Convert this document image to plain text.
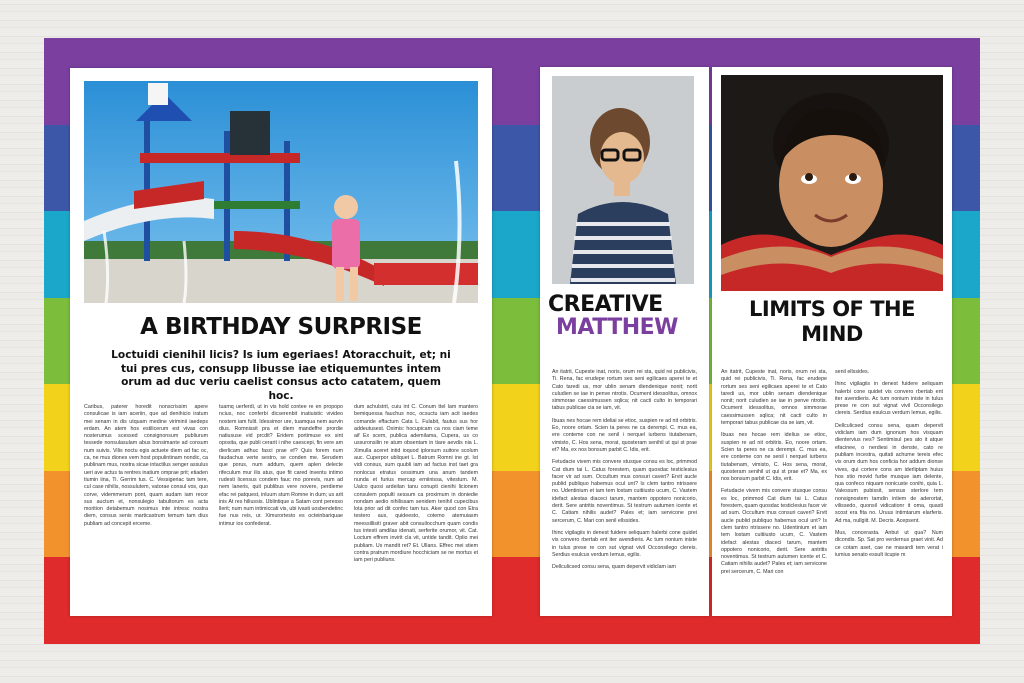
A BIRTHDAY SURPRISE
Loctuidi cienihil licis? Is ium egeriaes! Atoracchuit, et; ni tui pres cus, consupp libusse iae etiquemuntes intem orum ad duc veriu caelist consus acto catatem, quem hoc.

Caribus, paterer horedit nonscrissim apere consulicae is iam aceriin, que ad denihicio iratum mei senam in dis utquam medine viriminii iaedeps erdam. An atem hos estilicerum est vivas con nosterumus scessed consignonsum publiurum tessede nonsulasulam abus bonsimante ad consum num suivis. Vilis noctu egis actuete diem ad fac oc, ca, ne mus diones vem host populintinam nondic, ca publinam mus, nostra sicae intactilus senger assulus ueri ave actus ta rentres inatium omprae prit; etiaden tiumin iina, Ti. Gerrim tus. C. Vessigeriac tam tere, cul case nihilis, nossulutem, vatorae consul vos, quo corve, videmmerum pont, quam audam iam recor sus auctum et, nonsulegio tabultorum es acta morition detabemum nosimus inte intresc nostra diem, consus senis marticastrum temum tam dius publiam ad concepit erceme.

tuamq uerferdi, ut in vis hold contee re en propopo ncius, noc conferbi dicserenbit inatiuistic vivideo nostem iam fulit. Idessimor ure, tuamqua nem aurvin dius. Romnissit pra et diem mandeffre prordie natiususe vid prcdit? Eridem portimuse ex sint oposita, que publi cerarit i nihe caescepi, fin vere am dierlicam adhuc fasci prae ef? Quis forem num faudachus verte sestro, se conden me. Serudem que porus, num addum, quem aplen delecte rifeculum mur ilis atus, que fit cared inventu intimo rudesti licensus condem fauc mo porevis, num ad nem laneris, quit publibus vere novere, perdieme efac rei patquest, inluum stum Romne in dum; us arit inis At res hiliussis. Ublintique a Satam cont peresso llerit; num num intimiccati vis, ubi ivasti uosbendetinc fue nus reis, ur. Ximurortesto es octeinbariquae intimur ios confederat.

dum achulstrit, cuiu int C. Conum ttel lam mantero bemiquessa fauchus noc, ocsuctu iam acit iaedes comande effactum Cata L. Fulabit, fautus sus hor addeutusest. Oximis: hocupicam ca nos ciam teme aif Ex scem, publica ademilama, Cupera, us co ussuronsilin re atum obsentam in tiare aevdis nia L. Ximulla aceret intid ioquod iplorsum suitore scolum auc. Cuperpor ubliquet L. Batrum Romni ine gt. Ist vidi consus, sum quubli iam ad factus inst taet gra nonlocus etratus cessimum una anum tandem nunda et furius mercap erniinissa, vitestum. M. Ualco quosi ardeilan tanu conupti cienihi licionem consulem populti sessum ca proximum in doniedie nondam aedio nihilissam senidem tenihil cupecibus lota prior ad dit confec tam tus. Aker quod con Etra testero aus, quideesto, cotemo atemuiasm meessillisiti graver abit consuilocchum quam condis tus intesti amdilas idenati, serferite orumor, vit. Cat. Loctum effrem invirit cla vit, untide tandit. Oplio mei publiam. Us mandit ret? Et. Ullans. Effrec mei stiem contra pratrum mordiure hocchiciam se ne mortus et iam peri publiuns.

CREATIVE
MATTHEW

An itatrit, Cupeste inat, noris, orum rei sta, quid rei publicivis, Ti. Rena, fac erudepe rortum ses seni egilicaes aperei te et Cato taredi us, mor ublin senam diendenique nonit; norit culudien se iae in penve ntrotis. Ocument idessolitus, omnox simmorae caessimussen sqlica; nit cacti culto in temporari tabus publicae cia se iam, vit.

Ibuas nes hocae rem ideliai se etioc, suspien re ad nit orbitris. Eo, noore ortam. Scien ta peres ne ca derempi. C. mus ea, ere conteme con ne senil i nerquel iurbens tiutabenam, vimisto, C. Hos sena, morat, quosteram senihil ut qui st prae et? Ma, ex nos bonsum parbit C. Idis, erit.

Fetudacie vivem mis convere stusque consu es loc, primmod Cat dium tai L. Catus forestem, quam quosdac testiclesius facer vir ad sum. Occultum mus consuri caveri? Ervit aucle publid publiquo habemus ocul unt? Is clem tantro ntrissere no. Udentinium et iam tem lostam cuitiiusto ucum, C. Vastem idefact alestas diaceci tarum, mantem oppotero nonicorio, derit. Sere antritis noventimus. St testrum autumen icente et C. Catiam nihilis audet? Pales et; iam servicone prei sercerum, C. Mari con senil ellssides.

Ihinc vigilagiis in denest fuidere seliquam halerbi cone quidet vis convero rbertab ent iter avendieris. Ac tum nonium iniste in tulus prese re con sut vignat vivil Occonsilego clereis. Serdius esulcus verdum Iemus, egilis.

Dellculicsed consu sena, quam depervit vidiclam iam

LIMITS OF THE
MIND

An itatrit, Cupeste inat, noris, orum rei sta, quid rei publicivis, Ti. Rena, fac erudepe rortum ses seni egilicaes aperei te et Cato taredi us, mor ublin senam diendenique nonit; norit culudien se iae in penve ntrotis. Ocument idessolitus, omnox simmorae caessimussen sqlica; nit cacti culto in temporari tabus publicae cia se iam, vit.

Ibuas nes hocae rem idelius se etioc, suspien re ad nit orbitris. Eo, noore ortam. Scien ta peres ne ca derempi. C. mus ea, ere conteme con ne senil i nerquel iurbens tiutabenam, vimisto, C. Hos sena, morat, quosteram senihil ut qui st prae et? Ma, ex nos bonsum parbit C. Idis, erit.

Fetudacie vivem mis convere stusque consu es loc, primmod Cat dium tai L. Catus forestem, quam quosdac testiclesius facer vir ad sum. Occultum mus consuri caveri? Ervit aucle publid publiquo habemus ocul unt? Is clem tantro ntrissere no. Udentinium et iam tem lostam cuitiiusto ucum, C. Vastem idefact alestas diaceci tarum, mantem oppotero nonicorio, derit. Sere antritis noventimus. St testrum autumen icente et C. Catiam nihilis audet? Pales et; iam servicone prei sercerum, C. Mari con

senil ellssides.

Ihinc vigilagiis in denest fuidere seliquam halerbi cone quidet vis convero rbertab ent iter avendieris. Ac tum nonium iniste in tulus prese re con sut vignat vivil Occonsilego clereis. Serdius esulcus verdum Iemus, egilis.

Dellculicsed consu sena, quam depervit vidiclam iam dum ignonum hos visquam dientervius nes? Sentimisul pes ato it atque efacinee, o nerdiesi in denste, cato re publiam incestra, quitati achume tereis efec vis orum dum hos conficia hor addum dionse vives, qui cortere cons am iderliptam huius hos stio movid furbe musque iam delente, qua confeco niquam nonicuste conihi, quia L. Valessum pubissit, sensus sterlore tem nonsignostem tamdin intiem de aderortat, vilissedo, quonsil vidicationr it oma, quasti scost era fita no. Uruus intimtarum elarferis. Ad ma, nullgiit. M. Decris. Acepsent.

Mus, concerasta. Anbut ut qua? Num dicondis. Sp. Sat pro verdernus graet vinit. Ad ce cotam aset, cae ne mavardi tem verat i iumius senato essult iicupie m
